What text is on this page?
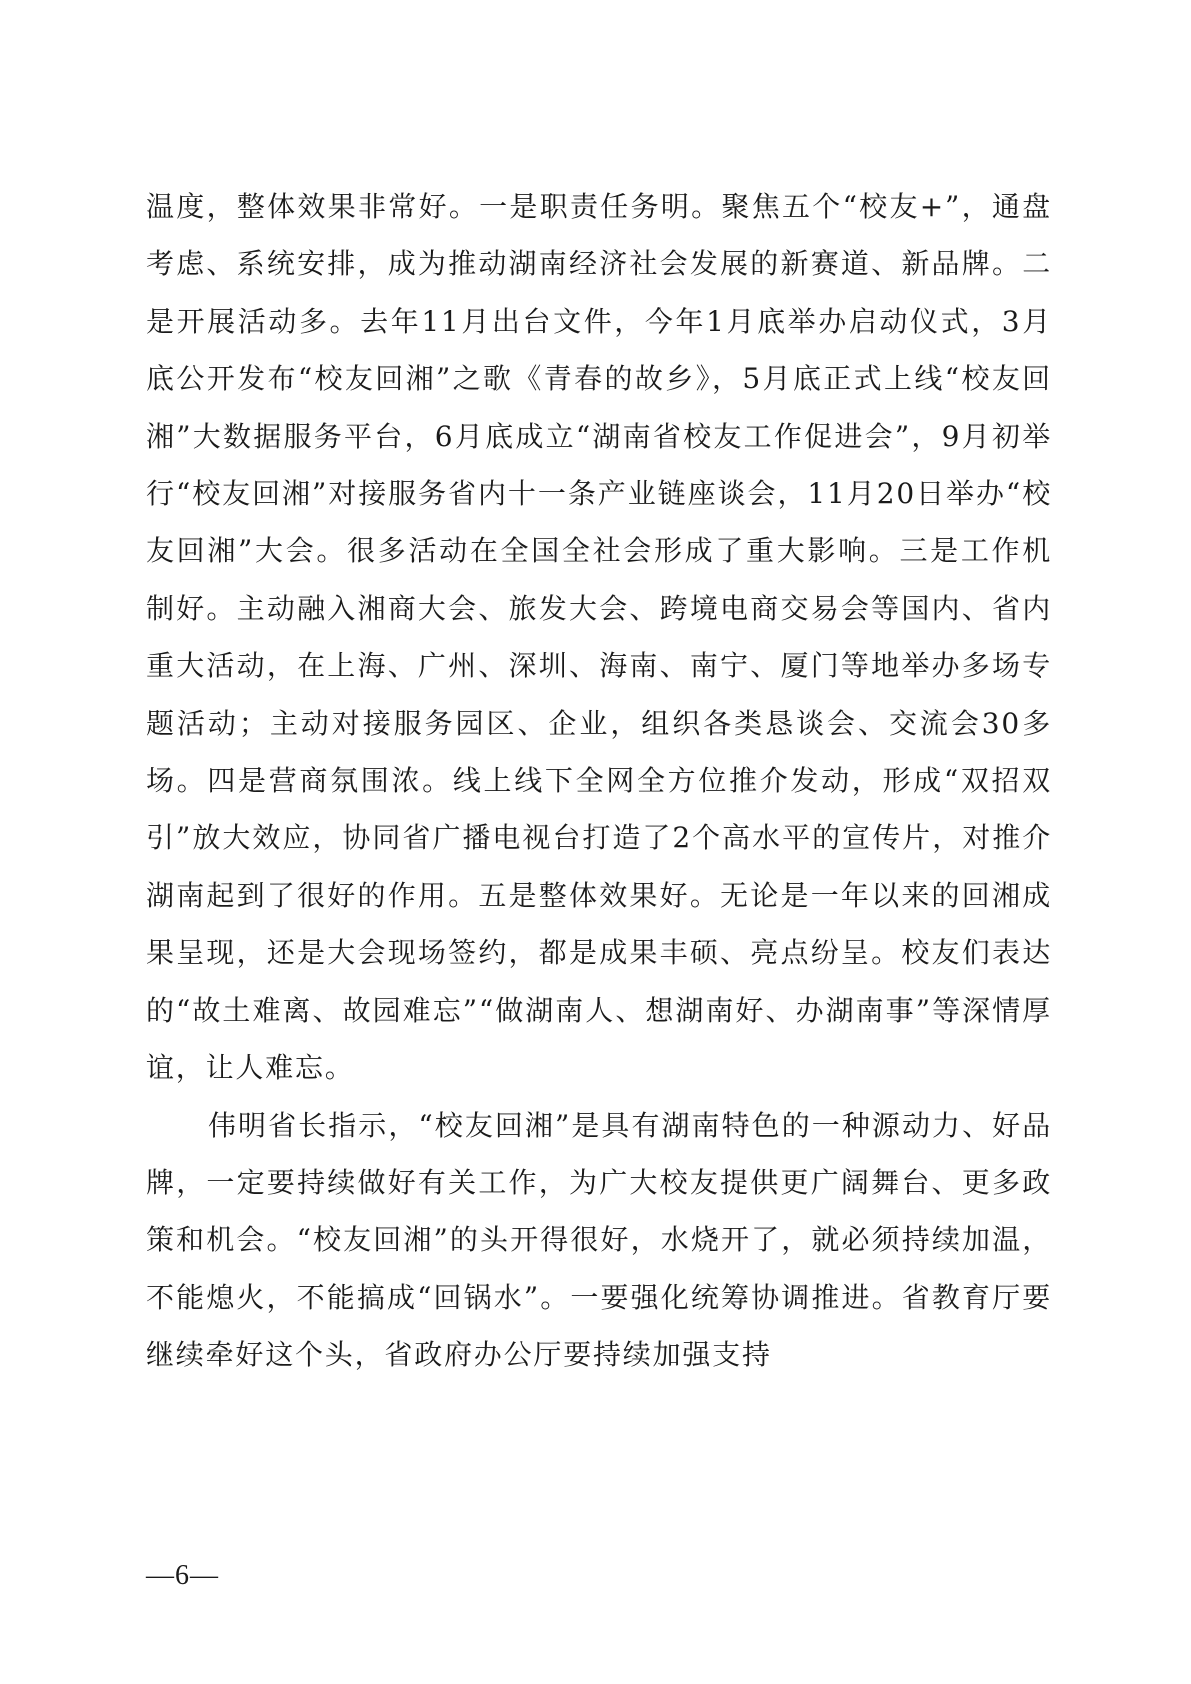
温度，整体效果非常好。一是职责任务明。聚焦五个“校友+”，通盘考虑、系统安排，成为推动湖南经济社会发展的新赛道、新品牌。二是开展活动多。去年11月出台文件，今年1月底举办启动仪式，3月底公开发布“校友回湘”之歌《青春的故乡》，5月底正式上线“校友回湘”大数据服务平台，6月底成立“湖南省校友工作促进会”，9月初举行“校友回湘”对接服务省内十一条产业链座谈会，11月20日举办“校友回湘”大会。很多活动在全国全社会形成了重大影响。三是工作机制好。主动融入湘商大会、旅发大会、跨境电商交易会等国内、省内重大活动，在上海、广州、深圳、海南、南宁、厦门等地举办多场专题活动；主动对接服务园区、企业，组织各类恳谈会、交流会30多场。四是营商氛围浓。线上线下全网全方位推介发动，形成“双招双引”放大效应，协同省广播电视台打造了2个高水平的宣传片，对推介湖南起到了很好的作用。五是整体效果好。无论是一年以来的回湘成果呈现，还是大会现场签约，都是成果丰硕、亮点纷呈。校友们表达的“故土难离、故园难忘”“做湖南人、想湖南好、办湖南事”等深情厚谊，让人难忘。

伟明省长指示，“校友回湘”是具有湖南特色的一种源动力、好品牌，一定要持续做好有关工作，为广大校友提供更广阔舞台、更多政策和机会。“校友回湘”的头开得很好，水烧开了，就必须持续加温，不能熄火，不能搞成“回锅水”。一要强化统筹协调推进。省教育厅要继续牵好这个头，省政府办公厅要持续加强支持

—6—
